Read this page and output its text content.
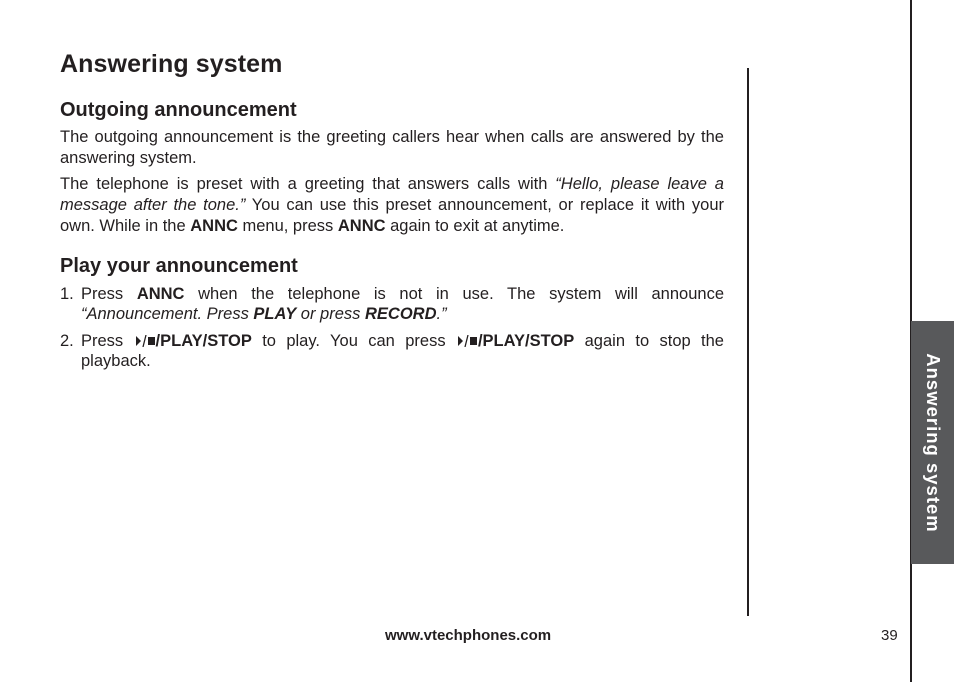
Answering system
Outgoing announcement

The outgoing announcement is the greeting callers hear when calls are answered by the answering system.

The telephone is preset with a greeting that answers calls with “Hello, please leave a message after the tone.” You can use this preset announcement, or replace it with your own. While in the ANNC menu, press ANNC again to exit at anytime.

Play your announcement
1. Press ANNC when the telephone is not in use. The system will announce “Announcement. Press PLAY or press RECORD.”
2. Press /PLAY/STOP to play. You can press /PLAY/STOP again to stop the playback.	Answering system
www.vtechphones.com	39
